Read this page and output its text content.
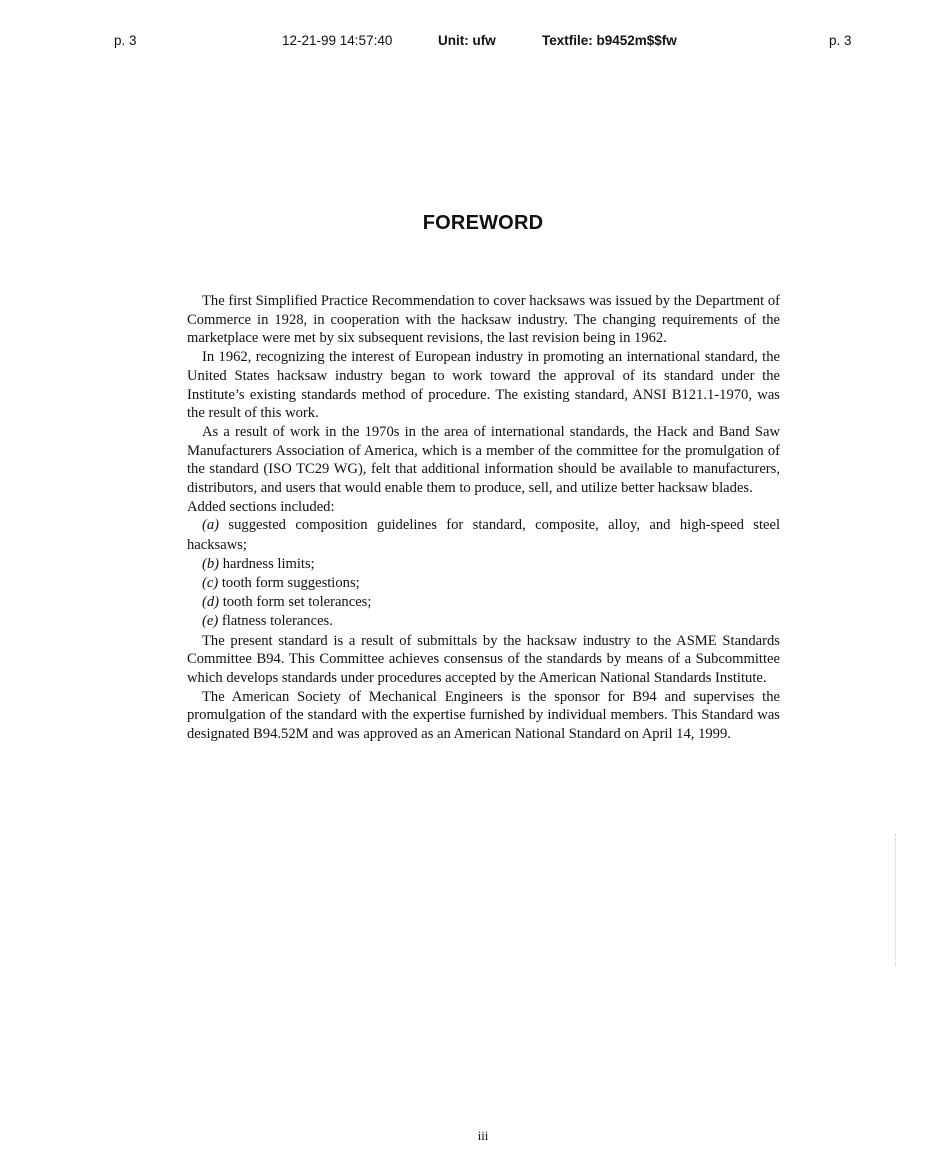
p. 3	12-21-99 14:57:40	Unit: ufw	Textfile: b9452m$$fw	p. 3
FOREWORD

The first Simplified Practice Recommendation to cover hacksaws was issued by the Department of Commerce in 1928, in cooperation with the hacksaw industry. The changing requirements of the marketplace were met by six subsequent revisions, the last revision being in 1962.

In 1962, recognizing the interest of European industry in promoting an international standard, the United States hacksaw industry began to work toward the approval of its standard under the Institute’s existing standards method of procedure. The existing standard, ANSI B121.1-1970, was the result of this work.

As a result of work in the 1970s in the area of international standards, the Hack and Band Saw Manufacturers Association of America, which is a member of the committee for the promulgation of the standard (ISO TC29 WG), felt that additional information should be available to manufacturers, distributors, and users that would enable them to produce, sell, and utilize better hacksaw blades.

Added sections included:

(a) suggested composition guidelines for standard, composite, alloy, and high-speed steel hacksaws;
(b) hardness limits;
(c) tooth form suggestions;
(d) tooth form set tolerances;
(e) flatness tolerances.

The present standard is a result of submittals by the hacksaw industry to the ASME Standards Committee B94. This Committee achieves consensus of the standards by means of a Subcommittee which develops standards under procedures accepted by the American National Standards Institute.

The American Society of Mechanical Engineers is the sponsor for B94 and supervises the promulgation of the standard with the expertise furnished by individual members. This Standard was designated B94.52M and was approved as an American National Standard on April 14, 1999.

iii
